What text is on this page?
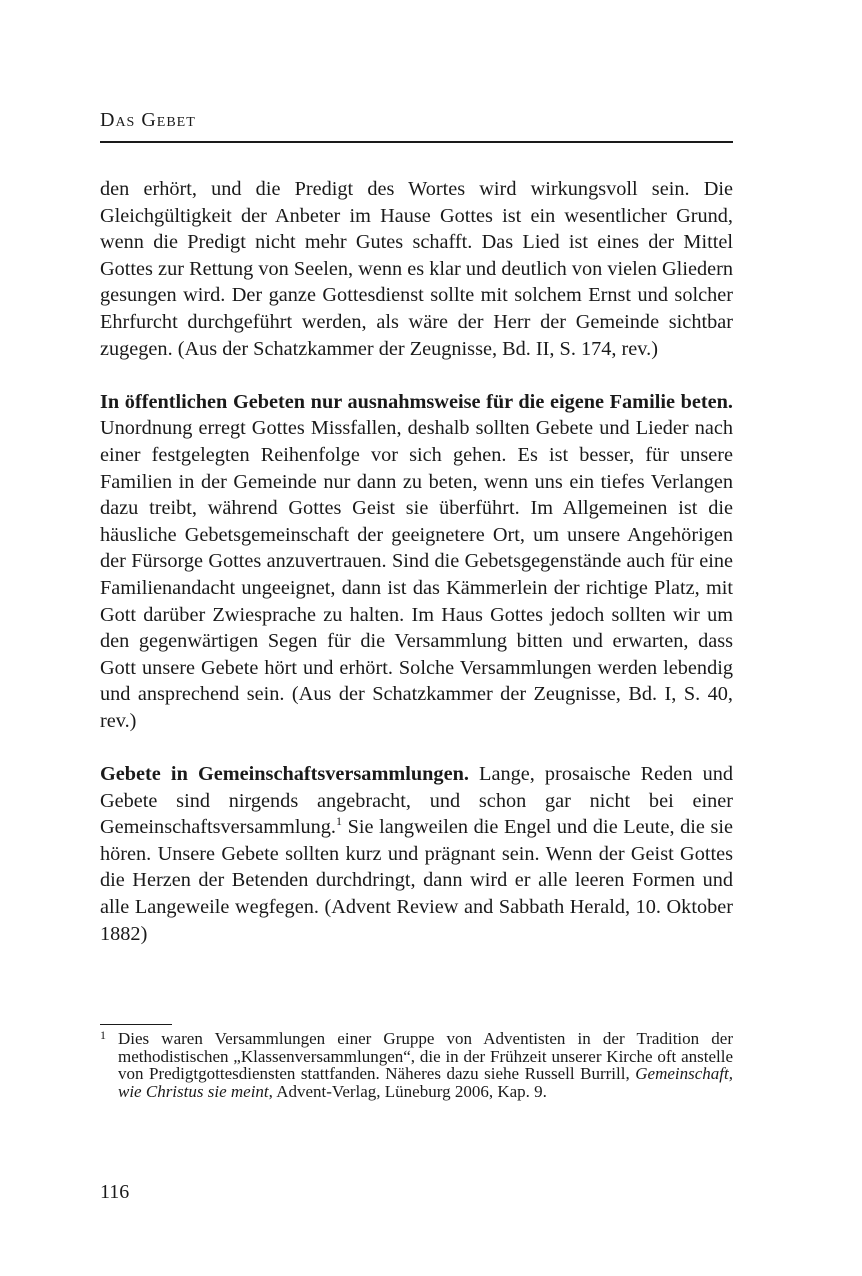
Das Gebet

den erhört, und die Predigt des Wortes wird wirkungsvoll sein. Die Gleichgültigkeit der Anbeter im Hause Gottes ist ein wesentlicher Grund, wenn die Predigt nicht mehr Gutes schafft. Das Lied ist eines der Mittel Gottes zur Rettung von Seelen, wenn es klar und deutlich von vielen Gliedern gesungen wird. Der ganze Gottesdienst sollte mit solchem Ernst und solcher Ehrfurcht durchgeführt werden, als wäre der Herr der Gemeinde sichtbar zugegen. (Aus der Schatzkammer der Zeugnisse, Bd. II, S. 174, rev.)

In öffentlichen Gebeten nur ausnahmsweise für die eigene Familie beten. Unordnung erregt Gottes Missfallen, deshalb sollten Gebete und Lieder nach einer festgelegten Reihenfolge vor sich gehen. Es ist besser, für unsere Familien in der Gemeinde nur dann zu beten, wenn uns ein tiefes Verlangen dazu treibt, während Gottes Geist sie überführt. Im Allgemeinen ist die häusliche Gebetsgemeinschaft der geeignetere Ort, um unsere Angehörigen der Fürsorge Gottes anzuvertrauen. Sind die Gebetsgegenstände auch für eine Familienandacht ungeeignet, dann ist das Kämmerlein der richtige Platz, mit Gott darüber Zwiesprache zu halten. Im Haus Gottes jedoch sollten wir um den gegenwärtigen Segen für die Versammlung bitten und erwarten, dass Gott unsere Gebete hört und erhört. Solche Versammlungen werden lebendig und ansprechend sein. (Aus der Schatzkammer der Zeugnisse, Bd. I, S. 40, rev.)

Gebete in Gemeinschaftsversammlungen. Lange, prosaische Reden und Gebete sind nirgends angebracht, und schon gar nicht bei einer Gemeinschaftsversammlung.$^1$ Sie langweilen die Engel und die Leute, die sie hören. Unsere Gebete sollten kurz und prägnant sein. Wenn der Geist Gottes die Herzen der Betenden durchdringt, dann wird er alle leeren Formen und alle Langeweile wegfegen. (Advent Review and Sabbath Herald, 10. Oktober 1882)

1 Dies waren Versammlungen einer Gruppe von Adventisten in der Tradition der methodistischen „Klassenversammlungen“, die in der Frühzeit unserer Kirche oft anstelle von Predigtgottesdiensten stattfanden. Näheres dazu siehe Russell Burrill, Gemeinschaft, wie Christus sie meint, Advent-Verlag, Lüneburg 2006, Kap. 9.
116
